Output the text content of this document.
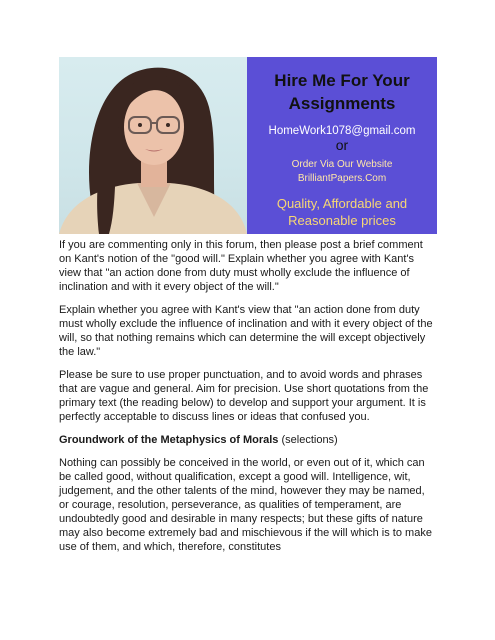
Hire Me For Your
Assignments
HomeWork1078@gmail.com
or
Order Via Our Website
BrilliantPapers.Com
Quality, Affordable and
Reasonable prices

If you are commenting only in this forum, then please post a brief comment on Kant's notion of the "good will." Explain whether you agree with Kant's view that "an action done from duty must wholly exclude the influence of inclination and with it every object of the will."

Explain whether you agree with Kant's view that "an action done from duty must wholly exclude the influence of inclination and with it every object of the will, so that nothing remains which can determine the will except objectively the law."

Please be sure to use proper punctuation, and to avoid words and phrases that are vague and general. Aim for precision. Use short quotations from the primary text (the reading below) to develop and support your argument. It is perfectly acceptable to discuss lines or ideas that confused you.

Groundwork of the Metaphysics of Morals (selections)

Nothing can possibly be conceived in the world, or even out of it, which can be called good, without qualification, except a good will. Intelligence, wit, judgement, and the other talents of the mind, however they may be named, or courage, resolution, perseverance, as qualities of temperament, are undoubtedly good and desirable in many respects; but these gifts of nature may also become extremely bad and mischievous if the will which is to make use of them, and which, therefore, constitutes
